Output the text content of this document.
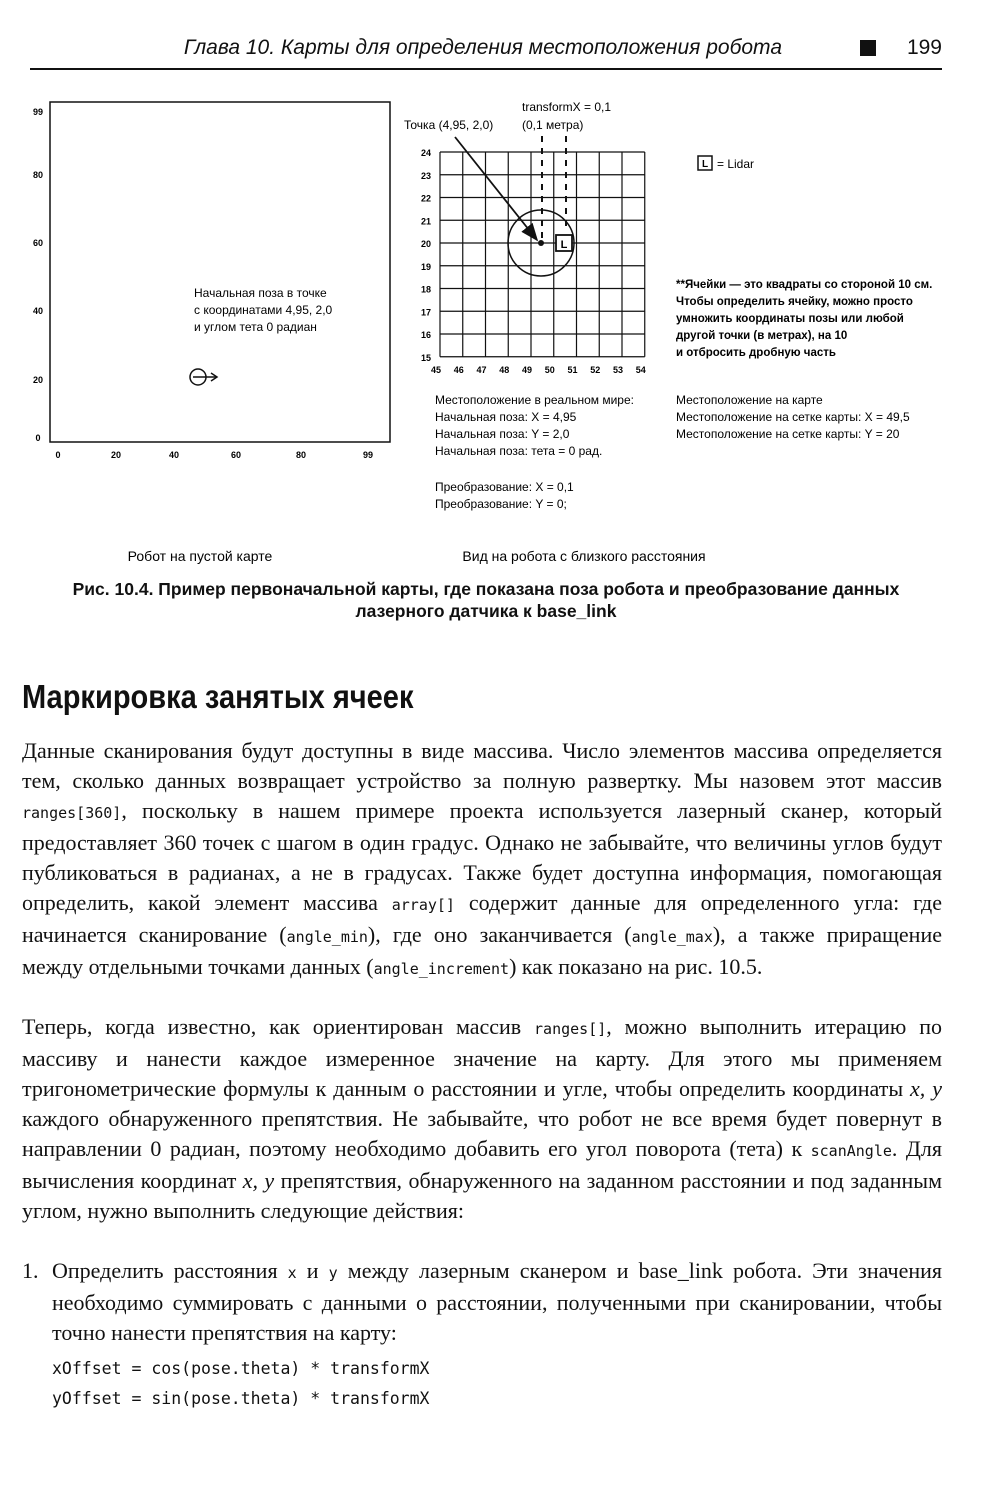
Глава 10. Карты для определения местоположения робота	199
99
80
60
40
20
0
0	20	40	60	80	99
Начальная поза в точке
с координатами 4,95, 2,0
и углом тета 0 радиан
Робот на пустой карте
Точка (4,95, 2,0)
transformX = 0,1
(0,1 метра)
24
23
22
21
20
19
18
17
16
15
45 46 47 48 49 50 51 52 53 54
L
L = Lidar
**Ячейки — это квадраты со стороной 10 см.
Чтобы определить ячейку, можно просто
умножить координаты позы или любой
другой точки (в метрах), на 10
и отбросить дробную часть
Местоположение в реальном мире:
Начальная поза: X = 4,95
Начальная поза: Y = 2,0
Начальная поза: тета = 0 рад.
Местоположение на карте
Местоположение на сетке карты: X = 49,5
Местоположение на сетке карты: Y = 20
Преобразование: X = 0,1
Преобразование: Y = 0;
Вид на робота с близкого расстояния
Рис. 10.4. Пример первоначальной карты, где показана поза робота и преобразование данных
лазерного датчика к base_link
Маркировка занятых ячеек
Данные сканирования будут доступны в виде массива. Число элементов массива определяется тем, сколько данных возвращает устройство за полную развертку. Мы назовем этот массив ranges[360], поскольку в нашем примере проекта используется лазерный сканер, который предоставляет 360 точек с шагом в один градус. Однако не забывайте, что величины углов будут публиковаться в радианах, а не в градусах. Также будет доступна информация, помогающая определить, какой элемент массива array[] содержит данные для определенного угла: где начинается сканирование (angle_min), где оно заканчивается (angle_max), а также приращение между отдельными точками данных (angle_increment) как показано на рис. 10.5.
Теперь, когда известно, как ориентирован массив ranges[], можно выполнить итерацию по массиву и нанести каждое измеренное значение на карту. Для этого мы применяем тригонометрические формулы к данным о расстоянии и угле, чтобы определить координаты x, y каждого обнаруженного препятствия. Не забывайте, что робот не все время будет повернут в направлении 0 радиан, поэтому необходимо добавить его угол поворота (тета) к scanAngle. Для вычисления координат x, y препятствия, обнаруженного на заданном расстоянии и под заданным углом, нужно выполнить следующие действия:
1. Определить расстояния x и y между лазерным сканером и base_link робота. Эти значения необходимо суммировать с данными о расстоянии, полученными при сканировании, чтобы точно нанести препятствия на карту:
xOffset = cos(pose.theta) * transformX
yOffset = sin(pose.theta) * transformX
